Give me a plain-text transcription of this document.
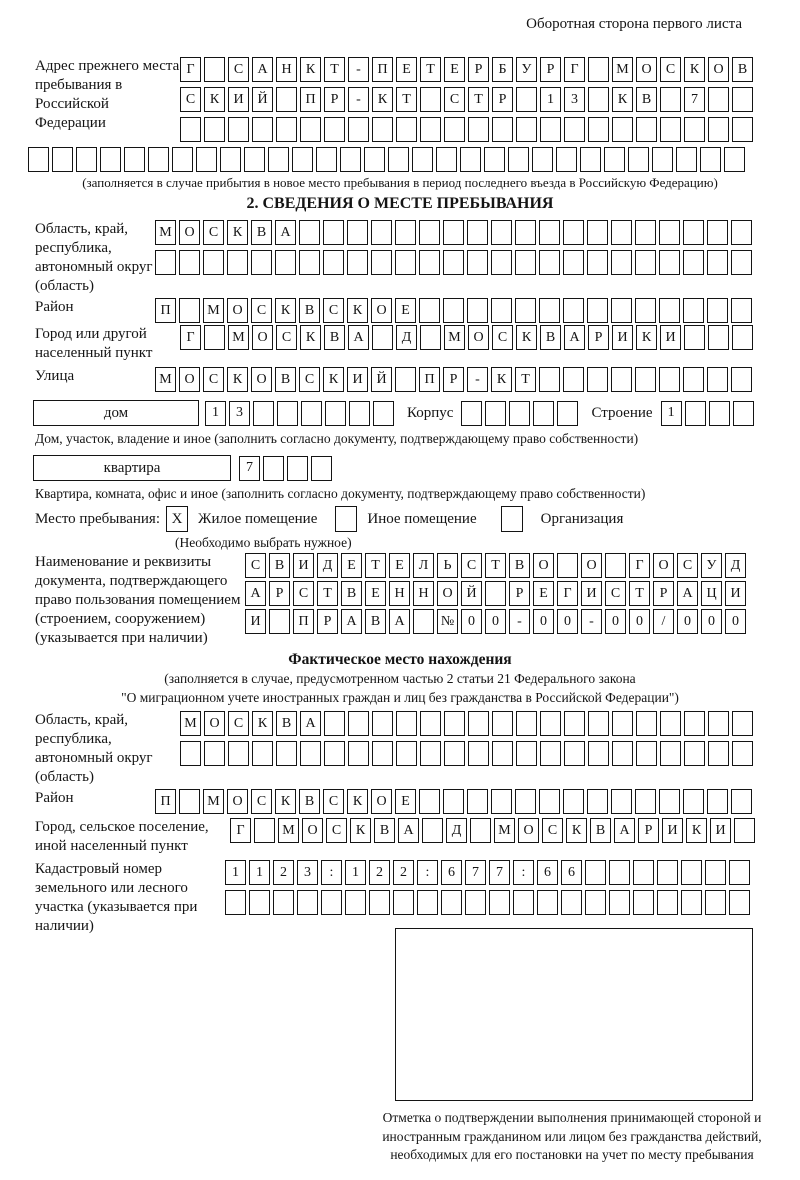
Оборотная сторона первого листа
Адрес прежнего места пребывания в Российской Федерации
Г	С	А Н	К	Т	-	П	Е	Т	Е	Р	Б	У	Р	Г	М О	С	К	О	В
С	К	И Й	П	Р	-	К	Т	С	Т	Р	1	3	К	В	7
(заполняется в случае прибытия в новое место пребывания в период последнего въезда в Российскую Федерацию)
2. СВЕДЕНИЯ О МЕСТЕ ПРЕБЫВАНИЯ
Область, край, республика, автономный округ (область)
М О	С	К	В	А
Район	П	М О	С	К	В	С	К	О	Е
Город или другой населенный пункт
Г	М О	С	К	В	А	Д	М О	С	К	В	А	Р	И	К	И
Улица	М О	С	К	О	В	С	К	И Й	П	Р	-	К	Т
дом	1	3	Корпус	Строение	1
Дом, участок, владение и иное (заполнить согласно документу, подтверждающему право собственности)
квартира	7
Квартира, комната, офис и иное (заполнить согласно документу, подтверждающему право собственности)
Место пребывания: X	Жилое помещение	Иное помещение	Организация
(Необходимо выбрать нужное)
Наименование и реквизиты документа, подтверждающего право пользования помещением (строением, сооружением) (указывается при наличии)
С	В	И	Д	Е	Т	Е	Л	Ь	С	Т	В	О	О	Г	О	С	У	Д
А	Р	С	Т	В	Е	Н Н О Й	Р	Е	Г	И	С	Т	Р	А Ц И
И	П	Р	А	В	А	№ 0	0	-	0	0	-	0	0	/	0	0	0
Фактическое место нахождения
(заполняется в случае, предусмотренном частью 2 статьи 21 Федерального закона
"О миграционном учете иностранных граждан и лиц без гражданства в Российской Федерации")
Область, край, республика, автономный округ (область)
М О	С	К	В	А
Район	П	М О	С	К	В	С	К	О	Е
Город, сельское поселение, иной населенный пункт
Г	М О	С	К	В	А	Д	М О	С	К	В	А	Р	И	К	И
Кадастровый номер земельного или лесного участка (указывается при наличии)
1	1	2	3	:	1	2	2	:	6	7	7	:	6	6
Отметка о подтверждении выполнения принимающей стороной и иностранным гражданином или лицом без гражданства действий, необходимых для его постановки на учет по месту пребывания
